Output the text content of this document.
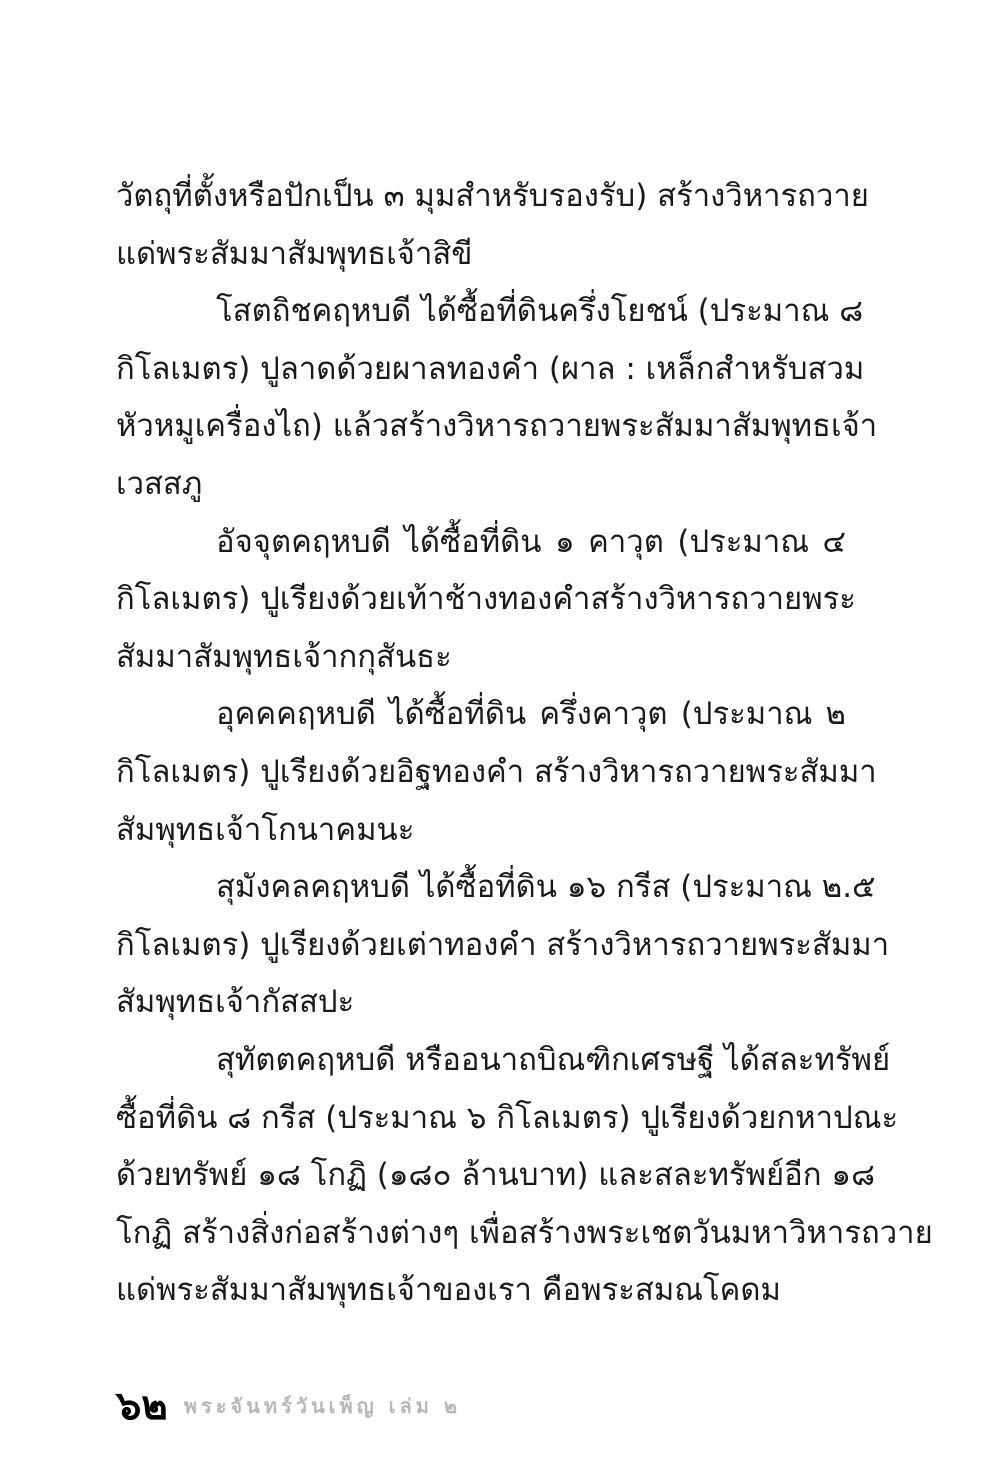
วัตถุที่ตั้งหรือปักเป็น ๓ มุมสำหรับรองรับ) สร้างวิหารถวาย
แด่พระสัมมาสัมพุทธเจ้าสิขี
โสตถิชคฤหบดี ได้ซื้อที่ดินครึ่งโยชน์ (ประมาณ ๘
กิโลเมตร) ปูลาดด้วยผาลทองคำ (ผาล : เหล็กสำหรับสวม
หัวหมูเครื่องไถ) แล้วสร้างวิหารถวายพระสัมมาสัมพุทธเจ้า
เวสสภู
อัจจุตคฤหบดี ได้ซื้อที่ดิน ๑ คาวุต (ประมาณ ๔
กิโลเมตร) ปูเรียงด้วยเท้าช้างทองคำสร้างวิหารถวายพระ
สัมมาสัมพุทธเจ้ากกุสันธะ
อุคคคฤหบดี ได้ซื้อที่ดิน ครึ่งคาวุต (ประมาณ ๒
กิโลเมตร) ปูเรียงด้วยอิฐทองคำ สร้างวิหารถวายพระสัมมา
สัมพุทธเจ้าโกนาคมนะ
สุมังคลคฤหบดี ได้ซื้อที่ดิน ๑๖ กรีส (ประมาณ ๒.๕
กิโลเมตร) ปูเรียงด้วยเต่าทองคำ สร้างวิหารถวายพระสัมมา
สัมพุทธเจ้ากัสสปะ
สุทัตตคฤหบดี หรืออนาถบิณฑิกเศรษฐี ได้สละทรัพย์
ซื้อที่ดิน ๘ กรีส (ประมาณ ๖ กิโลเมตร) ปูเรียงด้วยกหาปณะ
ด้วยทรัพย์ ๑๘ โกฏิ (๑๘๐ ล้านบาท) และสละทรัพย์อีก ๑๘
โกฏิ สร้างสิ่งก่อสร้างต่างๆ เพื่อสร้างพระเชตวันมหาวิหารถวาย
แด่พระสัมมาสัมพุทธเจ้าของเรา คือพระสมณโคดม
๖๒ พระจันทร์วันเพ็ญ เล่ม ๒
